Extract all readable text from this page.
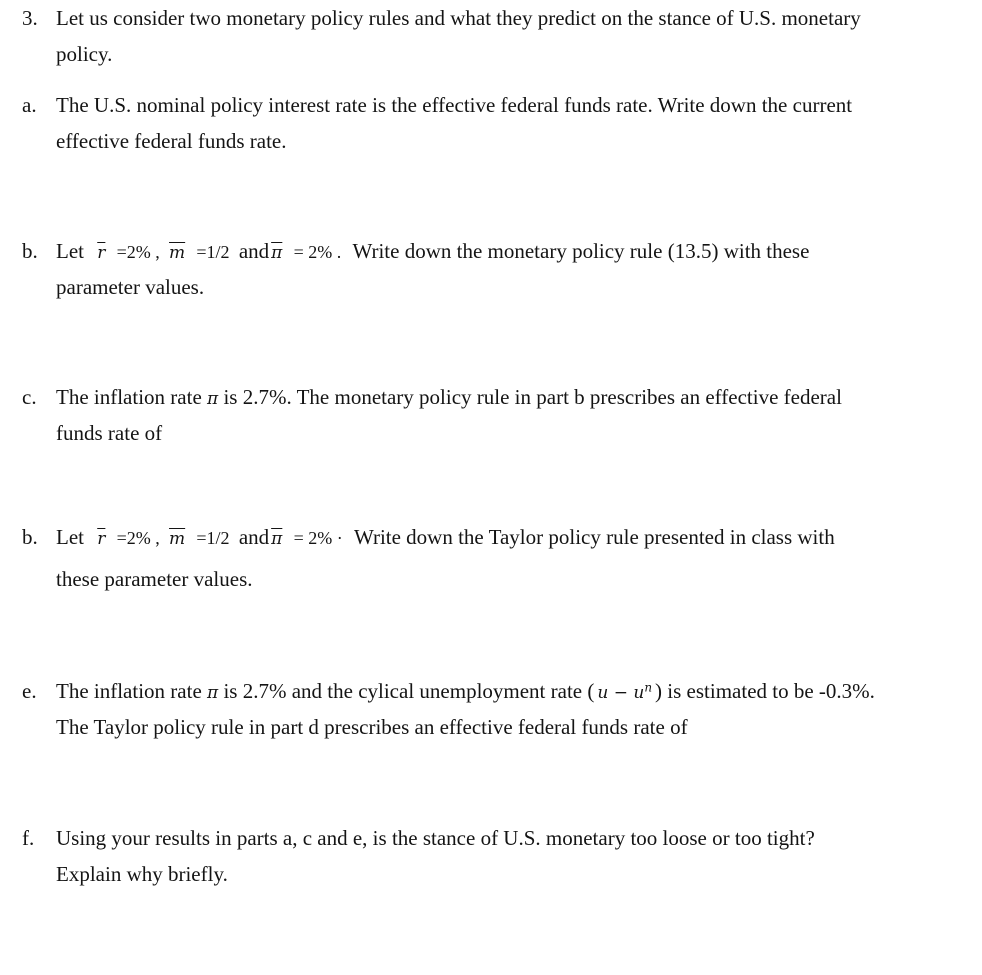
3. Let us consider two monetary policy rules and what they predict on the stance of U.S. monetary
policy.
a. The U.S. nominal policy interest rate is the effective federal funds rate. Write down the current
effective federal funds rate.
b. Let $\overline{r} =2\%$ , $\overline{m} =1/2$ and $\overline{\pi} = 2\%$ . Write down the monetary policy rule (13.5) with these
parameter values.
c. The inflation rate π is 2.7%. The monetary policy rule in part b prescribes an effective federal
funds rate of
b. Let $\overline{r} =2\%$ , $\overline{m} =1/2$ and $\overline{\pi} = 2\%$ · Write down the Taylor policy rule presented in class with
these parameter values.
e. The inflation rate π is 2.7% and the cylical unemployment rate ( $u - u^n$ ) is estimated to be -0.3%.
The Taylor policy rule in part d prescribes an effective federal funds rate of
f.	Using your results in parts a, c and e, is the stance of U.S. monetary too loose or too tight?
Explain why briefly.
